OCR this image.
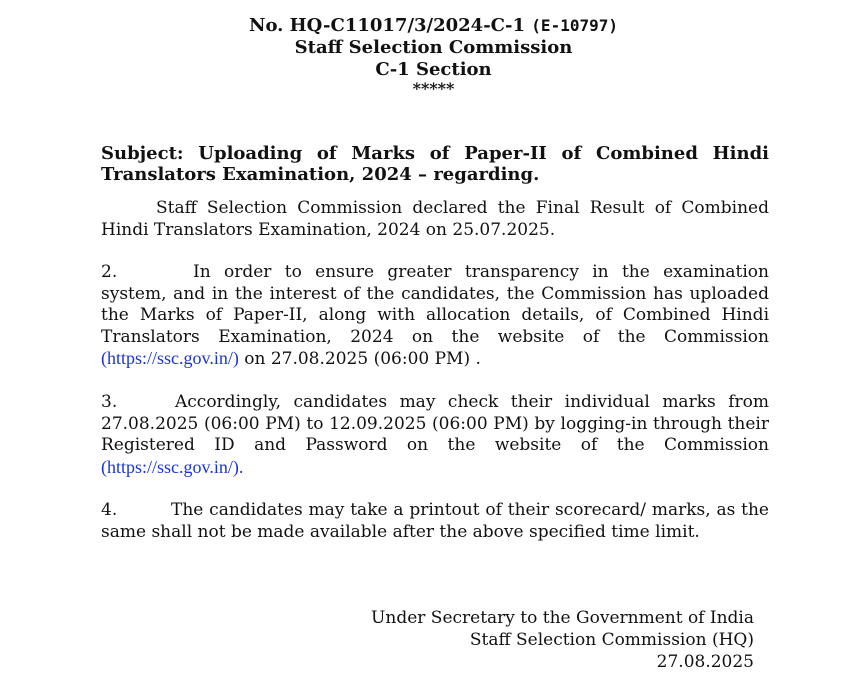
No. HQ-C11017/3/2024-C-1 (E-10797)
Staff Selection Commission
C-1 Section
*****
Subject: Uploading of Marks of Paper-II of Combined Hindi Translators Examination, 2024 – regarding.
Staff Selection Commission declared the Final Result of Combined Hindi Translators Examination, 2024 on 25.07.2025.
2.	In order to ensure greater transparency in the examination system, and in the interest of the candidates, the Commission has uploaded the Marks of Paper-II, along with allocation details, of Combined Hindi Translators Examination, 2024 on the website of the Commission (https://ssc.gov.in/) on 27.08.2025 (06:00 PM) .
3.	Accordingly, candidates may check their individual marks from 27.08.2025 (06:00 PM) to 12.09.2025 (06:00 PM) by logging-in through their Registered ID and Password on the website of the Commission (https://ssc.gov.in/).
4.	The candidates may take a printout of their scorecard/ marks, as the same shall not be made available after the above specified time limit.
Under Secretary to the Government of India
Staff Selection Commission (HQ)
27.08.2025
